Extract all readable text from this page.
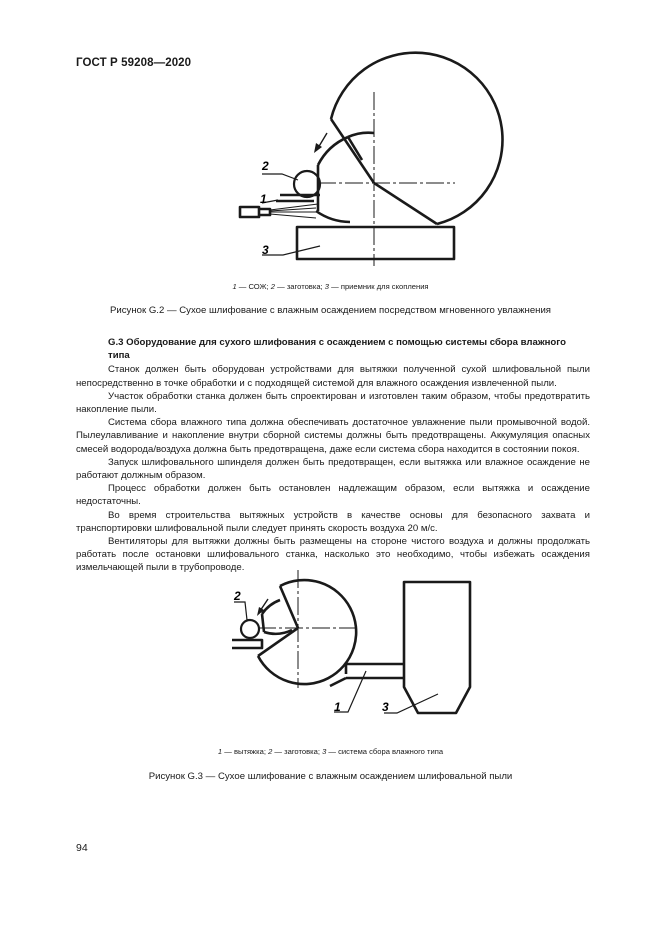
ГОСТ Р 59208—2020
2
1
3
1 — СОЖ; 2 — заготовка; 3 — приемник для скопления
Рисунок G.2 — Сухое шлифование с влажным осаждением посредством мгновенного увлажнения
G.3 Оборудование для сухого шлифования с осаждением с помощью системы сбора влажного типа

Станок должен быть оборудован устройствами для вытяжки полученной сухой шлифовальной пыли непосредственно в точке обработки и с подходящей системой для влажного осаждения извлеченной пыли.

Участок обработки станка должен быть спроектирован и изготовлен таким образом, чтобы предотвратить накопление пыли.

Система сбора влажного типа должна обеспечивать достаточное увлажнение пыли промывочной водой. Пылеулавливание и накопление внутри сборной системы должны быть предотвращены. Аккумуляция опасных смесей водорода/воздуха должна быть предотвращена, даже если система сбора находится в состоянии покоя.

Запуск шлифовального шпинделя должен быть предотвращен, если вытяжка или влажное осаждение не работают должным образом.

Процесс обработки должен быть остановлен надлежащим образом, если вытяжка и осаждение недостаточны.

Во время строительства вытяжных устройств в качестве основы для безопасного захвата и транспортировки шлифовальной пыли следует принять скорость воздуха 20 м/с.

Вентиляторы для вытяжки должны быть размещены на стороне чистого воздуха и должны продолжать работать после остановки шлифовального станка, насколько это необходимо, чтобы избежать осаждения измельчающей пыли в трубопроводе.

2
1	3
1 — вытяжка; 2 — заготовка; 3 — система сбора влажного типа
Рисунок G.3 — Сухое шлифование с влажным осаждением шлифовальной пыли
94
